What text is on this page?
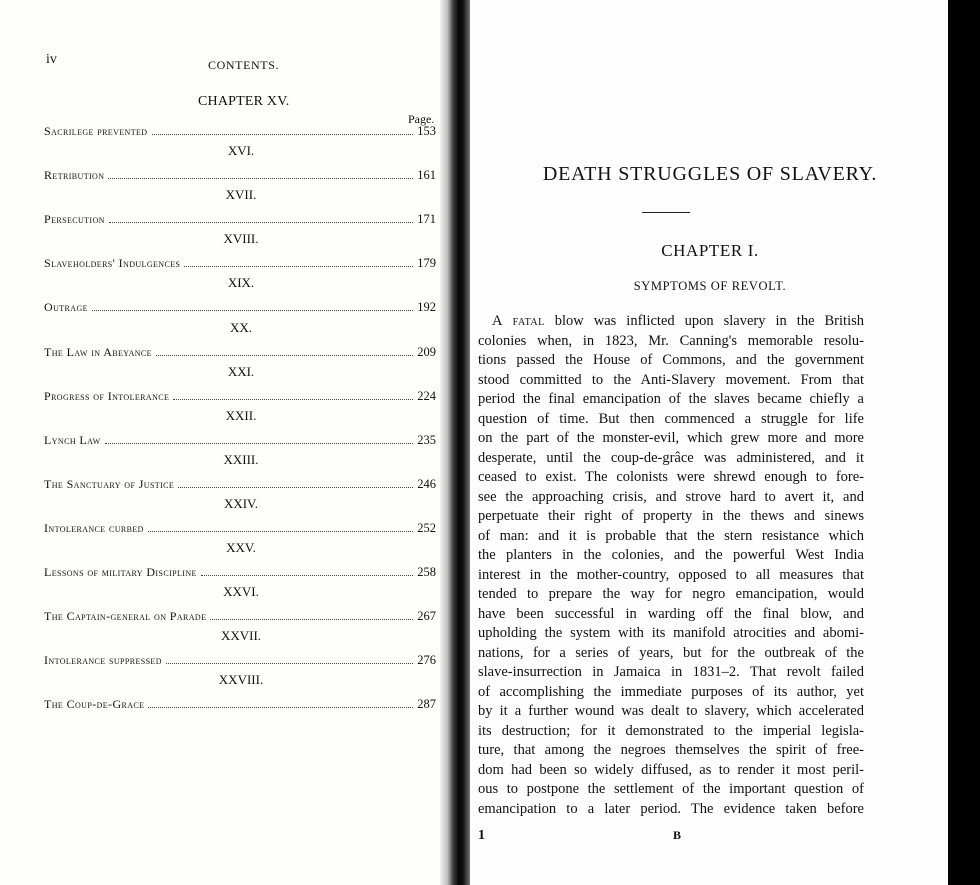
iv	CONTENTS.
CHAPTER XV.
Page.
Sacrilege prevented	153
XVI.
Retribution	161
XVII.
Persecution	171
XVIII.
Slaveholders' Indulgences	179
XIX.
Outrage	192
XX.
The Law in Abeyance	209
XXI.
Progress of Intolerance	224
XXII.
Lynch Law	235
XXIII.
The Sanctuary of Justice	246
XXIV.
Intolerance curbed	252
XXV.
Lessons of military Discipline	258
XXVI.
The Captain-general on Parade	267
XXVII.
Intolerance suppressed	276
XXVIII.
The Coup-de-Grace	287
DEATH STRUGGLES OF SLAVERY.
CHAPTER I.
SYMPTOMS OF REVOLT.
A fatal blow was inflicted upon slavery in the British
colonies when, in 1823, Mr. Canning's memorable resolu-
tions passed the House of Commons, and the government
stood committed to the Anti-Slavery movement. From that
period the final emancipation of the slaves became chiefly a
question of time. But then commenced a struggle for life
on the part of the monster-evil, which grew more and more
desperate, until the coup-de-grâce was administered, and it
ceased to exist. The colonists were shrewd enough to fore-
see the approaching crisis, and strove hard to avert it, and
perpetuate their right of property in the thews and sinews
of man: and it is probable that the stern resistance which
the planters in the colonies, and the powerful West India
interest in the mother-country, opposed to all measures that
tended to prepare the way for negro emancipation, would
have been successful in warding off the final blow, and
upholding the system with its manifold atrocities and abomi-
nations, for a series of years, but for the outbreak of the
slave-insurrection in Jamaica in 1831–2. That revolt failed
of accomplishing the immediate purposes of its author, yet
by it a further wound was dealt to slavery, which accelerated
its destruction; for it demonstrated to the imperial legisla-
ture, that among the negroes themselves the spirit of free-
dom had been so widely diffused, as to render it most peril-
ous to postpone the settlement of the important question of
emancipation to a later period. The evidence taken before
1	B
